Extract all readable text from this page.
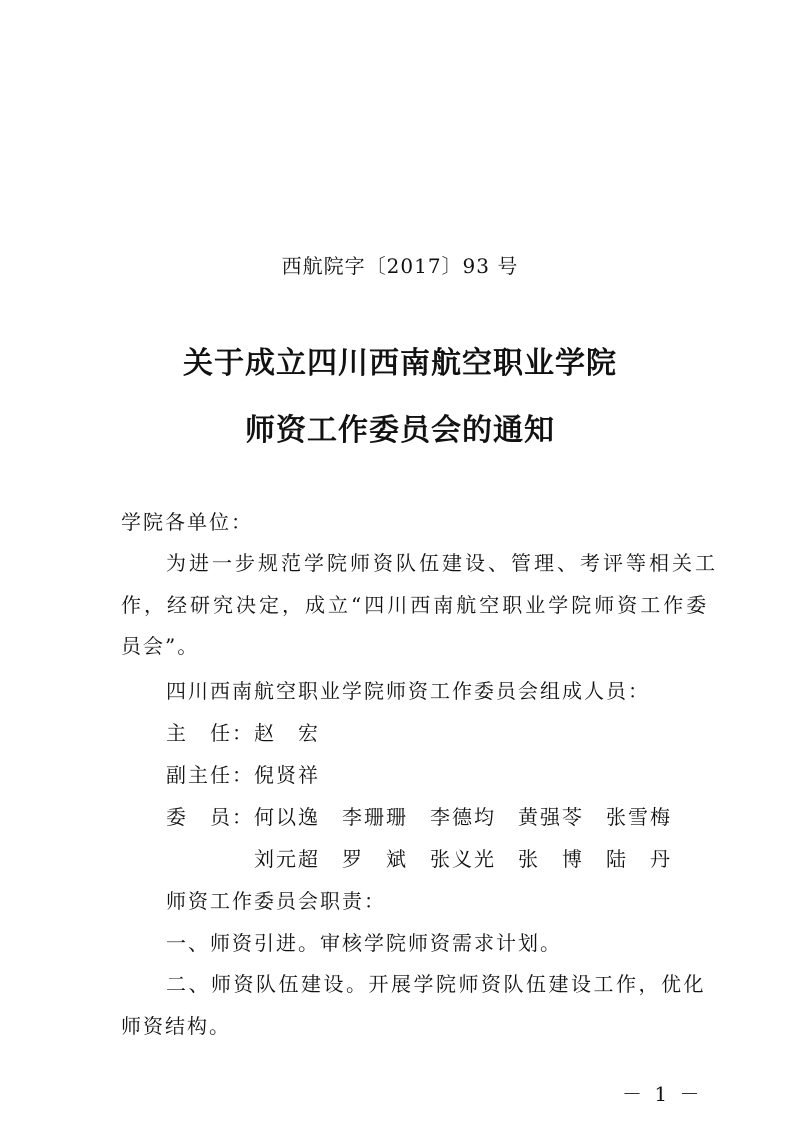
西航院字〔2017〕93 号
关于成立四川西南航空职业学院
师资工作委员会的通知
学院各单位：
为进一步规范学院师资队伍建设、管理、考评等相关工
作，经研究决定，成立“四川西南航空职业学院师资工作委
员会”。
四川西南航空职业学院师资工作委员会组成人员：
主　任：赵　宏
副主任：倪贤祥
委　员：何以逸 李珊珊 李德均 黄强苓 张雪梅
刘元超 罗　斌 张义光 张　博 陆　丹
师资工作委员会职责：
一、师资引进。审核学院师资需求计划。
二、师资队伍建设。开展学院师资队伍建设工作，优化
师资结构。
－ 1 －
